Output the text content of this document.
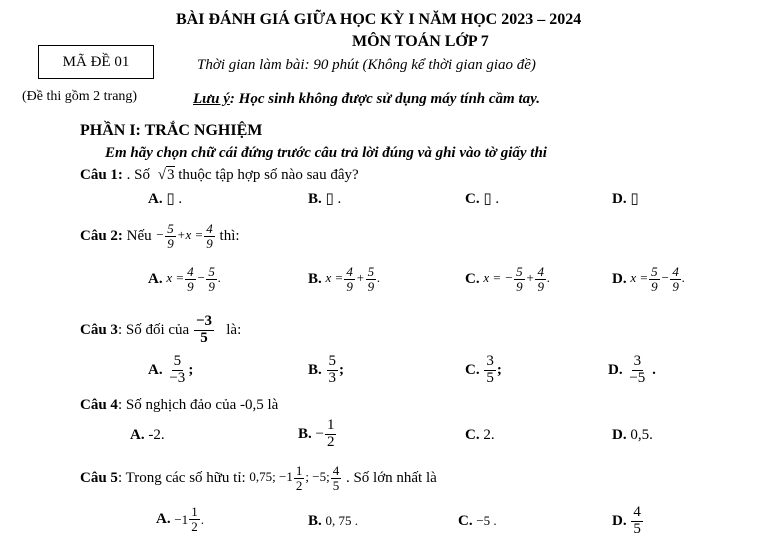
BÀI ĐÁNH GIÁ GIỮA HỌC KỲ I NĂM HỌC 2023 – 2024
MÔN TOÁN LỚP 7
MÃ ĐỀ 01	Thời gian làm bài: 90 phút (Không kể thời gian giao đề)
(Đề thi gồm 2 trang)	Lưu ý: Học sinh không được sử dụng máy tính cầm tay.
PHẦN I: TRẮC NGHIỆM
Em hãy chọn chữ cái đứng trước câu trả lời đúng và ghi vào tờ giấy thi
Câu 1: . Số √3 thuộc tập hợp số nào sau đây?
A. ▯ .	B. ▯ .	C. ▯ .	D. ▯
Câu 2:
Nếu
− $\frac{5}{9} +x = \frac{4}{9}$
thì:
A.
$x = \frac{4}{9} - \frac{5}{9}$ .	B.
$x = \frac{4}{9} + \frac{5}{9}$ .	C.
x = − $\frac{5}{9} + \frac{4}{9}$ .	D.
$x = \frac{5}{9} - \frac{4}{9}$ .
Câu 3 : Số đối của
$\frac{-3}{5}$
là:
A.
$\frac{5}{-3}$ ;	B.
$\frac{5}{3}$ ;	C.
$\frac{3}{5}$ ;	D.
$\frac{3}{-5}$
.
Câu 4: Số nghịch đảo của -0,5 là
A. -2.	B.
− $\frac{1}{2}$	C. 2.	D. 0,5.
Câu 5 : Trong các số hữu tỉ:
0,75; $-1 \frac{1}{2}$ ; −5; $\frac{4}{5}$
. Số lớn nhất là
A.
$-1 \frac{1}{2}$ .	B. 0, 75 .	C. −5 .	D.
$\frac{4}{5}$
